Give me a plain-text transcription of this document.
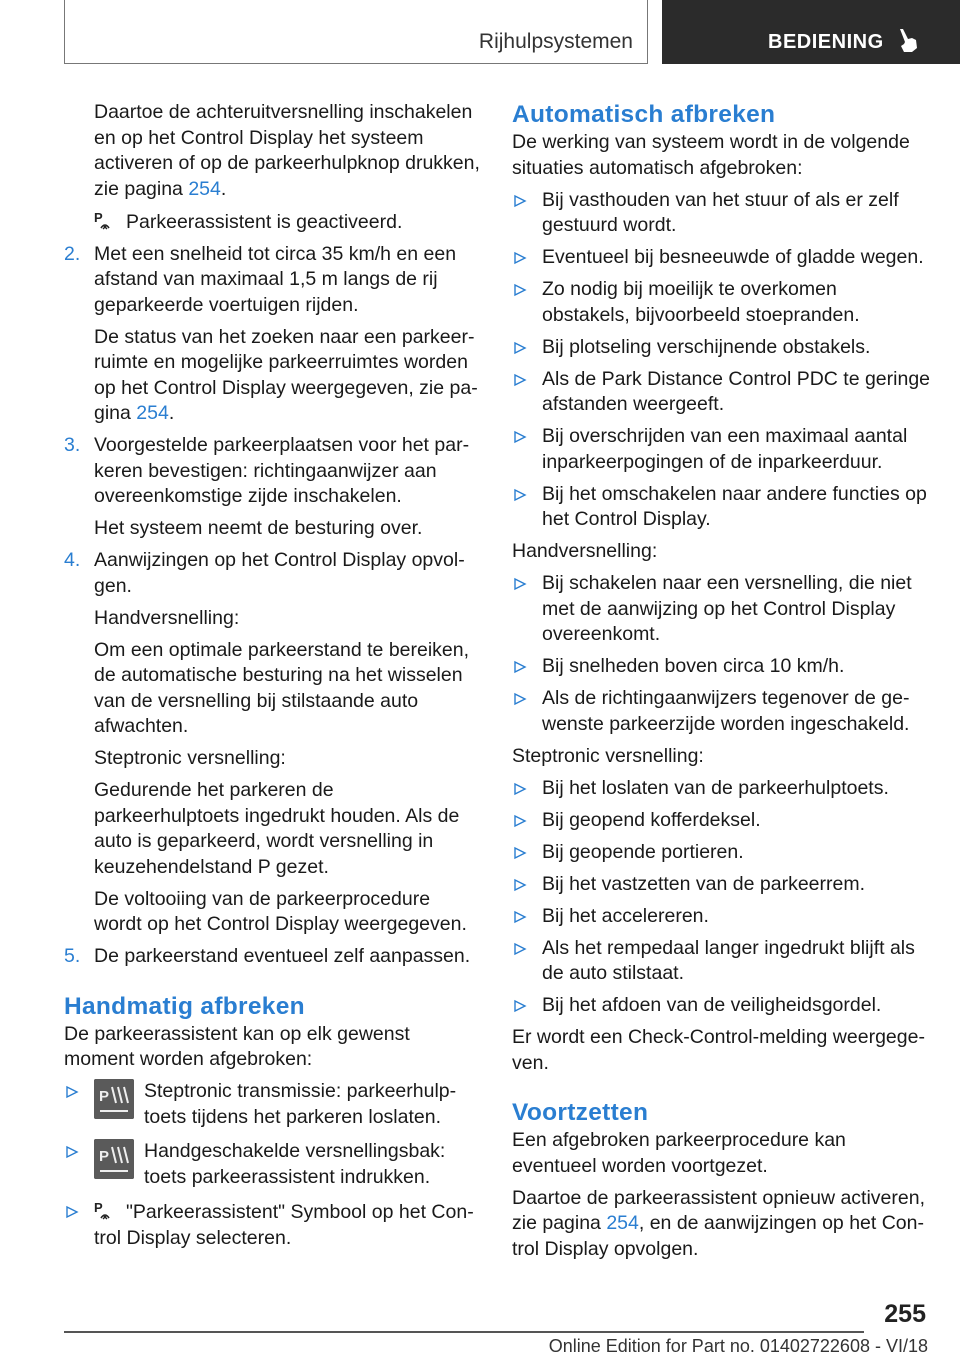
Rijhulpsystemen	BEDIENING

Daartoe de achteruitversnelling inschakelen en op het Control Display het systeem activeren of op de parkeerhulpknop drukken, zie pagina 254.

P Parkeerassistent is geactiveerd.

2. Met een snelheid tot circa 35 km/h en een afstand van maximaal 1,5 m langs de rij geparkeerde voertuigen rijden.

De status van het zoeken naar een parkeerruimte en mogelijke parkeerruimtes worden op het Control Display weergegeven, zie pagina 254.

3. Voorgestelde parkeerplaatsen voor het parkeren bevestigen: richtingaanwijzer aan overeenkomstige zijde inschakelen.

Het systeem neemt de besturing over.

4. Aanwijzingen op het Control Display opvolgen.

Handversnelling:

Om een optimale parkeerstand te bereiken, de automatische besturing na het wisselen van de versnelling bij stilstaande auto afwachten.

Steptronic versnelling:

Gedurende het parkeren de parkeerhulptoets ingedrukt houden. Als de auto is geparkeerd, wordt versnelling in keuzehendelstand P gezet.

De voltooiing van de parkeerprocedure wordt op het Control Display weergegeven.

5. De parkeerstand eventueel zelf aanpassen.

Handmatig afbreken

De parkeerassistent kan op elk gewenst moment worden afgebroken:

P Steptronic transmissie: parkeerhulptoets tijdens het parkeren loslaten.
P Handgeschakelde versnellingsbak: toets parkeerassistent indrukken.
P "Parkeerassistent" Symbool op het Control Display selecteren.
Automatisch afbreken

De werking van systeem wordt in de volgende situaties automatisch afgebroken:

Bij vasthouden van het stuur of als er zelf gestuurd wordt.
Eventueel bij besneeuwde of gladde wegen.
Zo nodig bij moeilijk te overkomen obstakels, bijvoorbeeld stoepranden.
Bij plotseling verschijnende obstakels.
Als de Park Distance Control PDC te geringe afstanden weergeeft.
Bij overschrijden van een maximaal aantal inparkeerpogingen of de inparkeerduur.
Bij het omschakelen naar andere functies op het Control Display.

Handversnelling:

Bij schakelen naar een versnelling, die niet met de aanwijzing op het Control Display overeenkomt.
Bij snelheden boven circa 10 km/h.
Als de richtingaanwijzers tegenover de gewenste parkeerzijde worden ingeschakeld.

Steptronic versnelling:

Bij het loslaten van de parkeerhulptoets.
Bij geopend kofferdeksel.
Bij geopende portieren.
Bij het vastzetten van de parkeerrem.
Bij het accelereren.
Als het rempedaal langer ingedrukt blijft als de auto stilstaat.
Bij het afdoen van de veiligheidsgordel.

Er wordt een Check-Control-melding weergegeven.

Voortzetten

Een afgebroken parkeerprocedure kan eventueel worden voortgezet.

Daartoe de parkeerassistent opnieuw activeren, zie pagina 254, en de aanwijzingen op het Control Display opvolgen.

255
Online Edition for Part no. 01402722608 - VI/18
